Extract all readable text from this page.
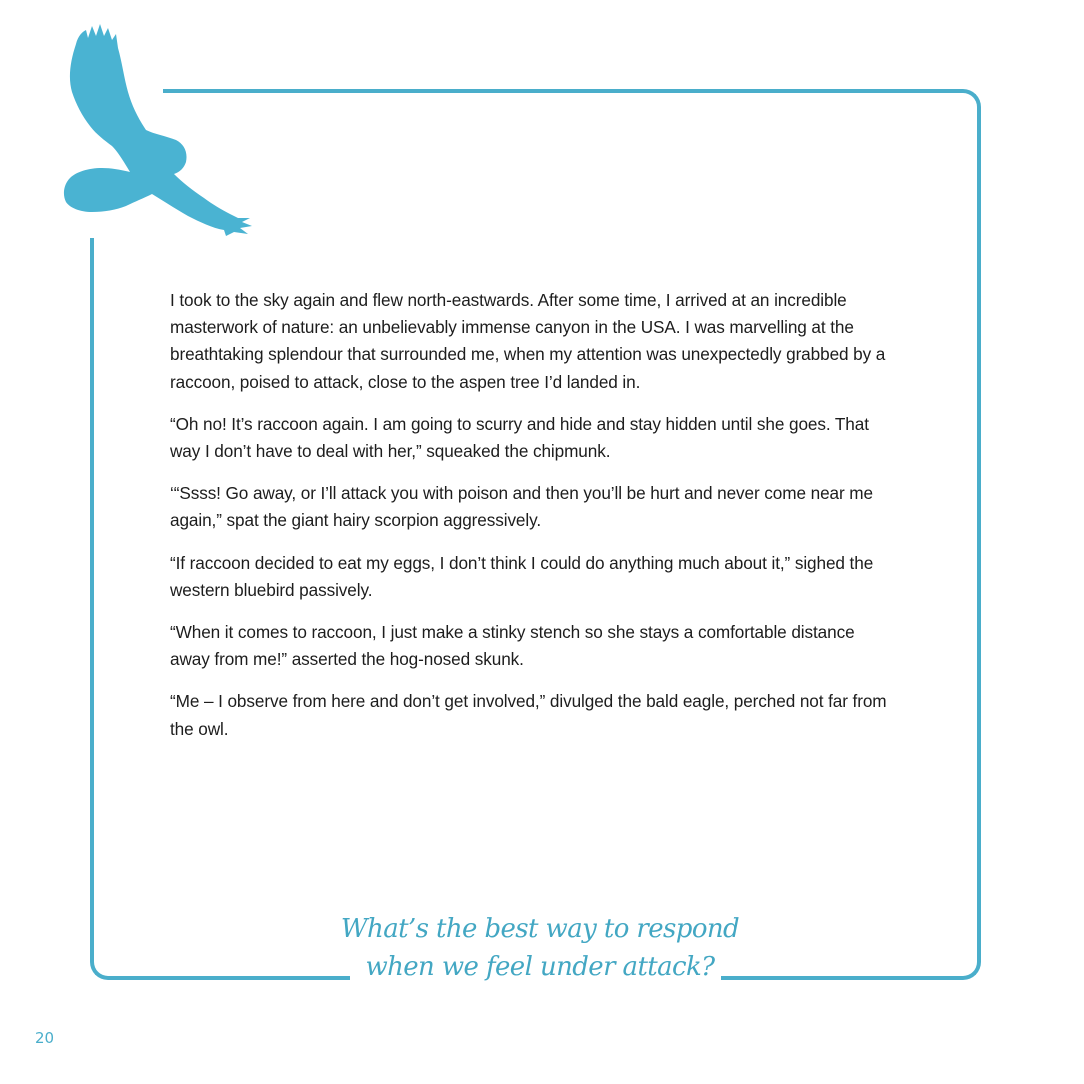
I took to the sky again and flew north-eastwards. After some time, I arrived at an incredible masterwork of nature: an unbelievably immense canyon in the USA. I was marvelling at the breathtaking splendour that surrounded me, when my attention was unexpectedly grabbed by a raccoon, poised to attack, close to the aspen tree I’d landed in.

“Oh no! It’s raccoon again. I am going to scurry and hide and stay hidden until she goes. That way I don’t have to deal with her,” squeaked the chipmunk.

‘“Ssss! Go away, or I’ll attack you with poison and then you’ll be hurt and never come near me again,” spat the giant hairy scorpion aggressively.

“If raccoon decided to eat my eggs, I don’t think I could do anything much about it,” sighed the western bluebird passively.

“When it comes to raccoon, I just make a stinky stench so she stays a comfortable distance away from me!” asserted the hog-nosed skunk.

“Me – I observe from here and don’t get involved,” divulged the bald eagle, perched not far from the owl.

What’s the best way to respond
when we feel under attack?
20
